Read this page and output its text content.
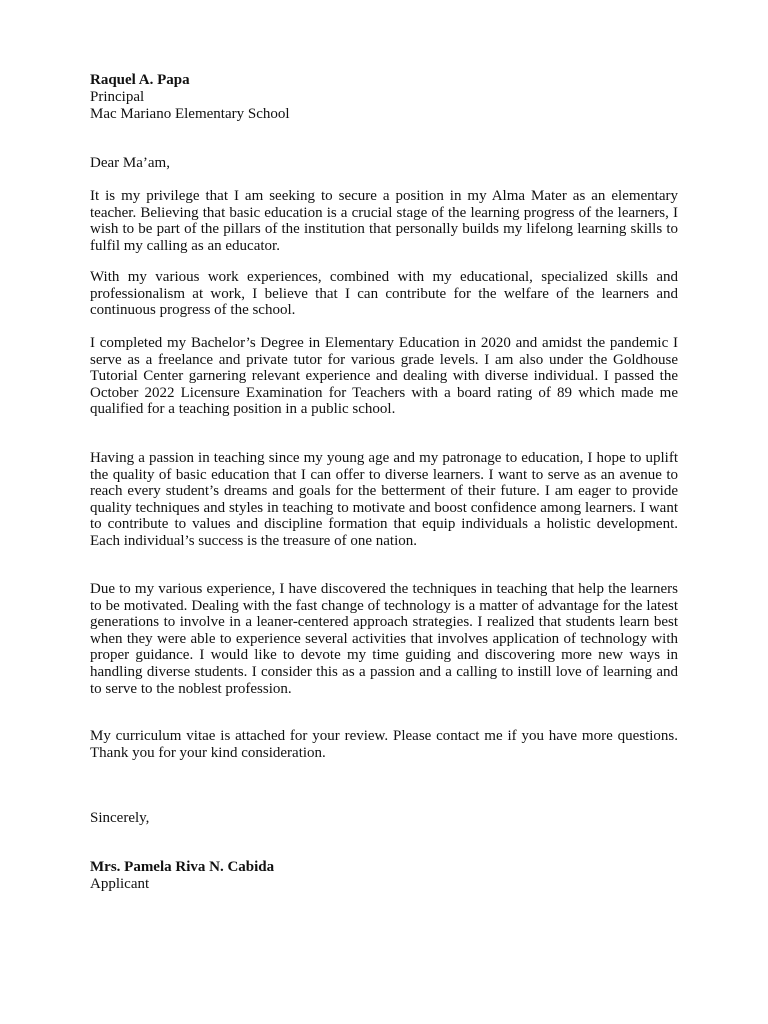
Raquel A. Papa
Principal
Mac Mariano Elementary School
Dear Ma’am,

It is my privilege that I am seeking to secure a position in my Alma Mater as an elementary teacher. Believing that basic education is a crucial stage of the learning progress of the learners, I wish to be part of the pillars of the institution that personally builds my lifelong learning skills to fulfil my calling as an educator.

With my various work experiences, combined with my educational, specialized skills and professionalism at work, I believe that I can contribute for the welfare of the learners and continuous progress of the school.

I completed my Bachelor’s Degree in Elementary Education in 2020 and amidst the pandemic I serve as a freelance and private tutor for various grade levels. I am also under the Goldhouse Tutorial Center garnering relevant experience and dealing with diverse individual. I passed the October 2022 Licensure Examination for Teachers with a board rating of 89 which made me qualified for a teaching position in a public school.

Having a passion in teaching since my young age and my patronage to education, I hope to uplift the quality of basic education that I can offer to diverse learners. I want to serve as an avenue to reach every student’s dreams and goals for the betterment of their future. I am eager to provide quality techniques and styles in teaching to motivate and boost confidence among learners. I want to contribute to values and discipline formation that equip individuals a holistic development. Each individual’s success is the treasure of one nation.

Due to my various experience, I have discovered the techniques in teaching that help the learners to be motivated. Dealing with the fast change of technology is a matter of advantage for the latest generations to involve in a leaner-centered approach strategies. I realized that students learn best when they were able to experience several activities that involves application of technology with proper guidance. I would like to devote my time guiding and discovering more new ways in handling diverse students. I consider this as a passion and a calling to instill love of learning and to serve to the noblest profession.

My curriculum vitae is attached for your review. Please contact me if you have more questions. Thank you for your kind consideration.

Sincerely,
Mrs. Pamela Riva N. Cabida
Applicant
